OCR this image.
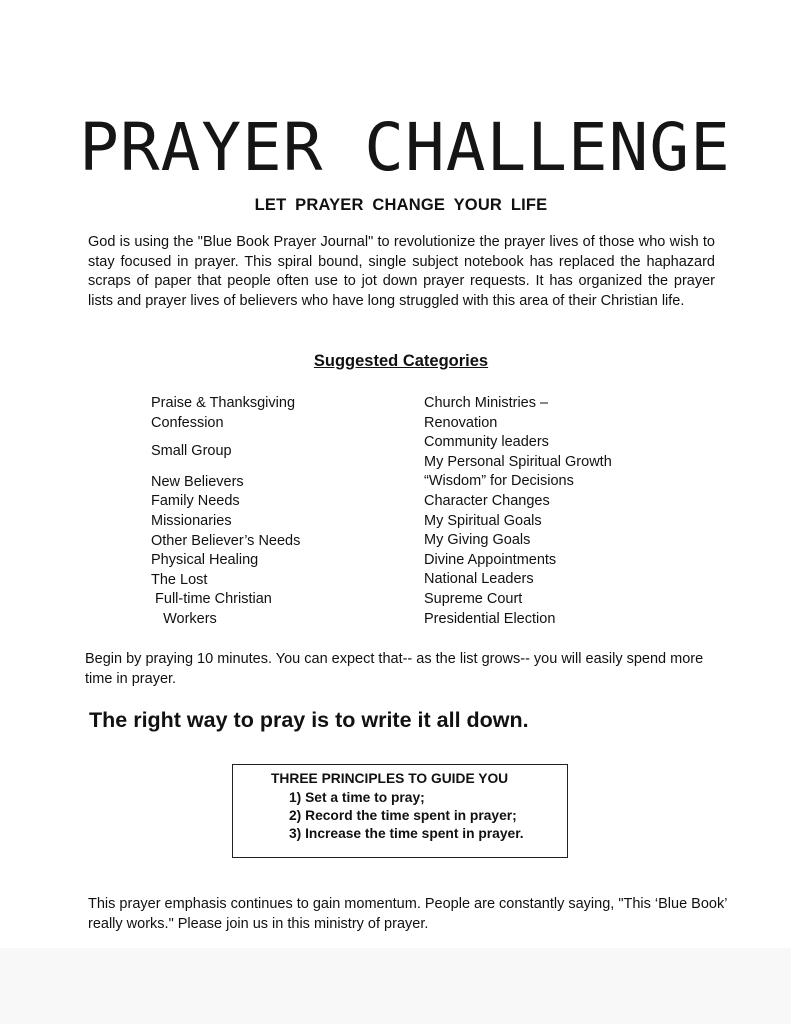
PRAYER CHALLENGE
LET PRAYER CHANGE YOUR LIFE

God is using the "Blue Book Prayer Journal" to revolutionize the prayer lives of those who wish to stay focused in prayer. This spiral bound, single subject notebook has replaced the haphazard scraps of paper that people often use to jot down prayer requests. It has organized the prayer lists and prayer lives of believers who have long struggled with this area of their Christian life.

Suggested Categories
Praise & Thanksgiving
Confession
Small Group
New Believers
Family Needs
Missionaries
Other Believer’s Needs
Physical Healing
The Lost
Full-time Christian
Workers
Church Ministries –
Renovation
Community leaders
My Personal Spiritual Growth
“Wisdom” for Decisions
Character Changes
My Spiritual Goals
My Giving Goals
Divine Appointments
National Leaders
Supreme Court
Presidential Election

Begin by praying 10 minutes. You can expect that-- as the list grows-- you will easily spend more time in prayer.

The right way to pray is to write it all down.
THREE PRINCIPLES TO GUIDE YOU
1) Set a time to pray;
2) Record the time spent in prayer;
3) Increase the time spent in prayer.

This prayer emphasis continues to gain momentum. People are constantly saying, "This ‘Blue Book’ really works." Please join us in this ministry of prayer.
